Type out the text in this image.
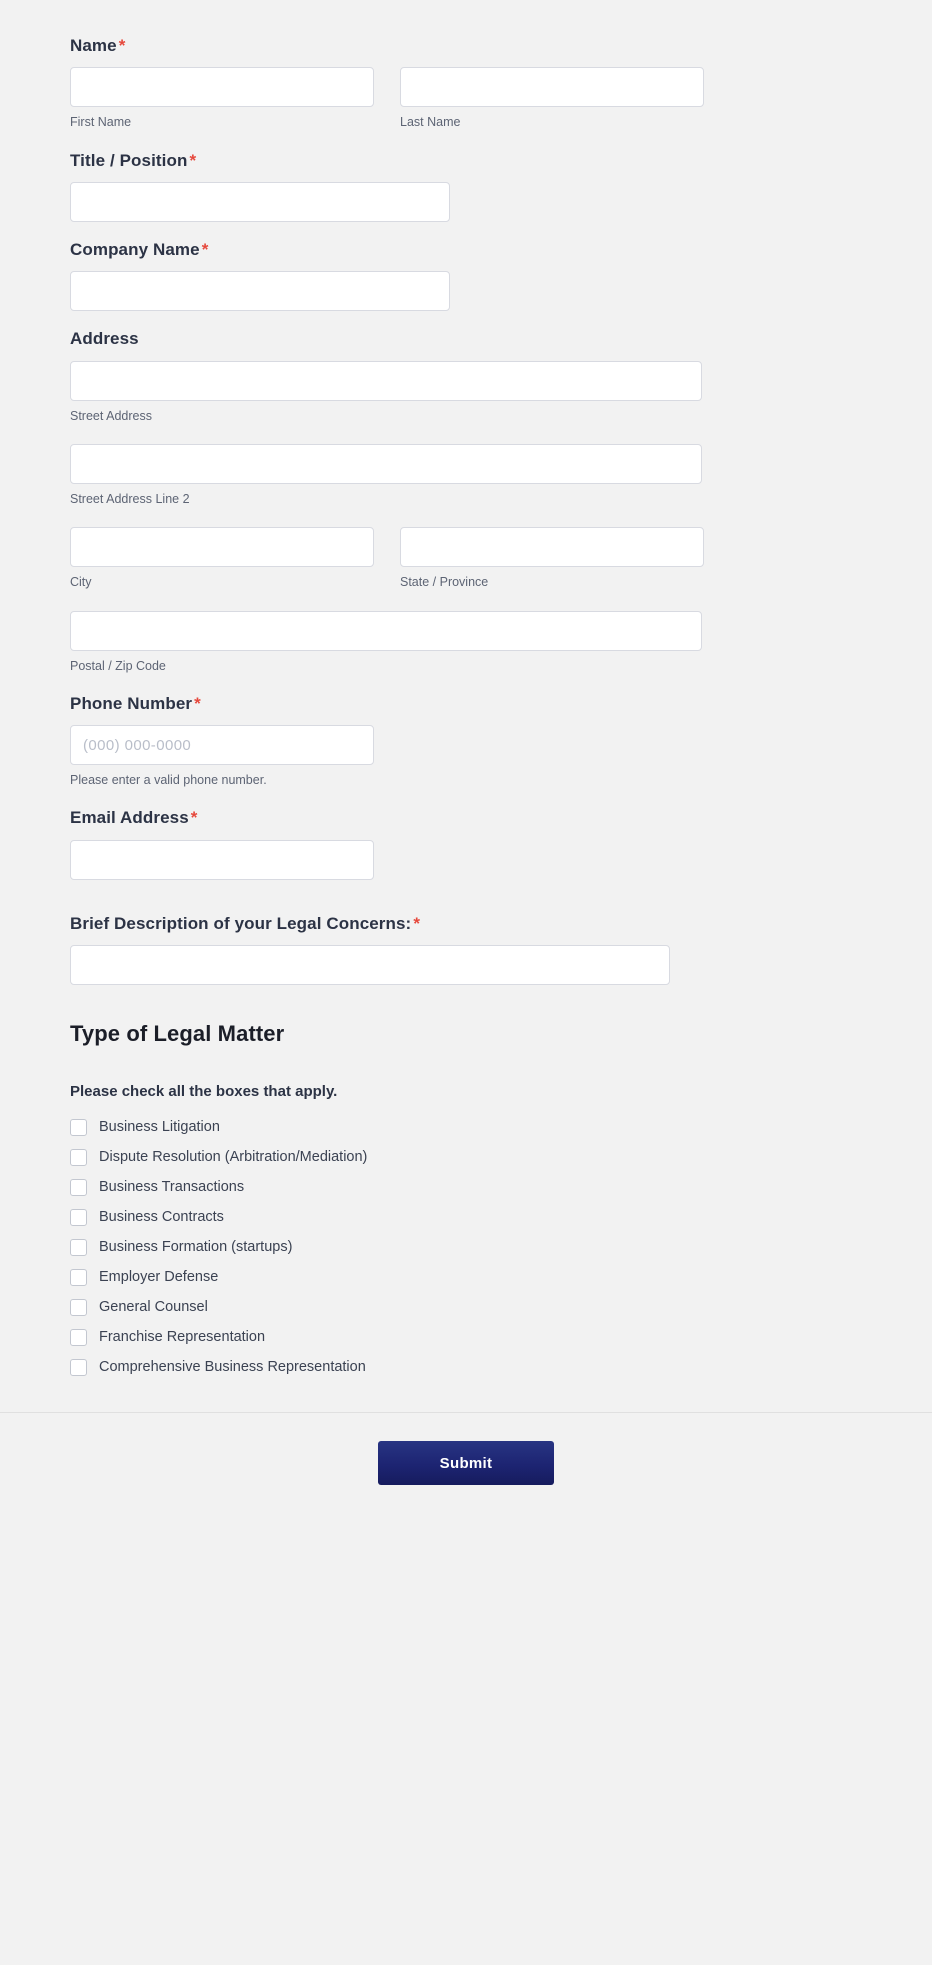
Name *
First Name	Last Name
Title / Position *
Company Name *
Address
Street Address
Street Address Line 2
City	State / Province
Postal / Zip Code
Phone Number *
(000) 000-0000
Please enter a valid phone number.
Email Address *
Brief Description of your Legal Concerns: *
Type of Legal Matter

Please check all the boxes that apply.

Business Litigation
Dispute Resolution (Arbitration/Mediation)
Business Transactions
Business Contracts
Business Formation (startups)
Employer Defense
General Counsel
Franchise Representation
Comprehensive Business Representation
Submit
